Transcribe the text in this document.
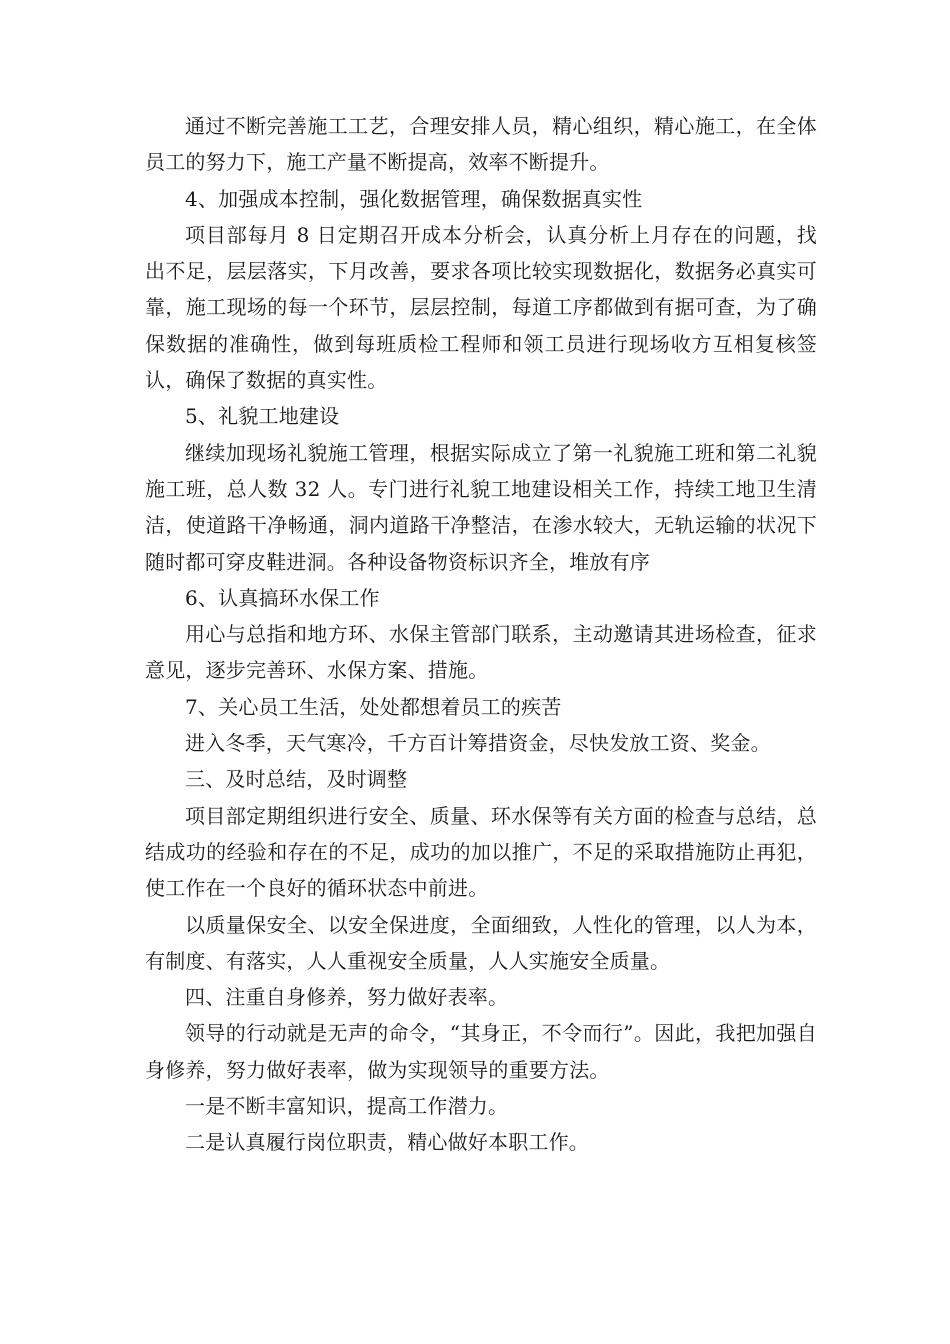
通过不断完善施工工艺，合理安排人员，精心组织，精心施工，在全体员工的努力下，施工产量不断提高，效率不断提升。

4、加强成本控制，强化数据管理，确保数据真实性

项目部每月 8 日定期召开成本分析会，认真分析上月存在的问题，找出不足，层层落实，下月改善，要求各项比较实现数据化，数据务必真实可靠，施工现场的每一个环节，层层控制，每道工序都做到有据可查，为了确保数据的准确性，做到每班质检工程师和领工员进行现场收方互相复核签认，确保了数据的真实性。

5、礼貌工地建设

继续加现场礼貌施工管理，根据实际成立了第一礼貌施工班和第二礼貌施工班，总人数 32 人。专门进行礼貌工地建设相关工作，持续工地卫生清洁，使道路干净畅通，洞内道路干净整洁，在渗水较大，无轨运输的状况下随时都可穿皮鞋进洞。各种设备物资标识齐全，堆放有序

6、认真搞环水保工作

用心与总指和地方环、水保主管部门联系，主动邀请其进场检查，征求意见，逐步完善环、水保方案、措施。

7、关心员工生活，处处都想着员工的疾苦

进入冬季，天气寒冷，千方百计筹措资金，尽快发放工资、奖金。

三、及时总结，及时调整

项目部定期组织进行安全、质量、环水保等有关方面的检查与总结，总结成功的经验和存在的不足，成功的加以推广，不足的采取措施防止再犯，使工作在一个良好的循环状态中前进。

以质量保安全、以安全保进度，全面细致，人性化的管理，以人为本，有制度、有落实，人人重视安全质量，人人实施安全质量。

四、注重自身修养，努力做好表率。

领导的行动就是无声的命令，“其身正，不令而行”。因此，我把加强自身修养，努力做好表率，做为实现领导的重要方法。

一是不断丰富知识，提高工作潜力。

二是认真履行岗位职责，精心做好本职工作。
